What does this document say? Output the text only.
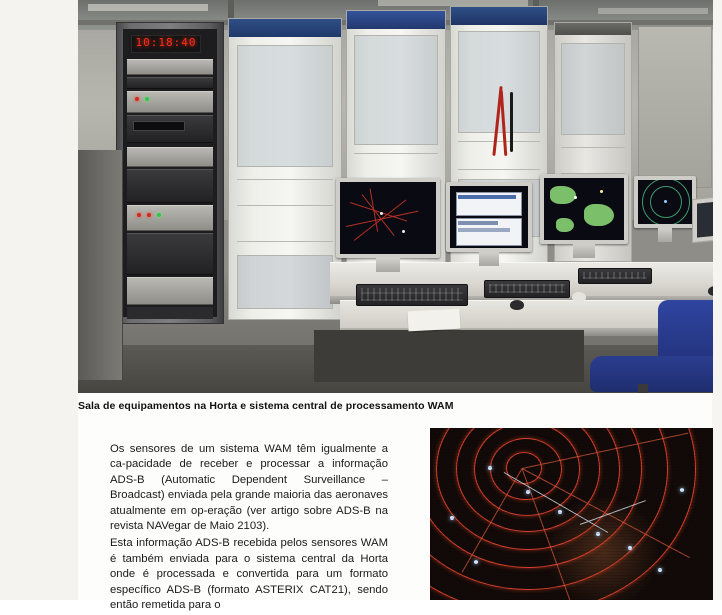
10:18:40
Sala de equipamentos na Horta e sistema central de processamento WAM

Os sensores de um sistema WAM têm igualmente a ca-pacidade de receber e processar a informação ADS-B (Automatic Dependent Surveillance – Broadcast) enviada pela grande maioria das aeronaves atualmente em op-eração (ver artigo sobre ADS-B na revista NAVegar de Maio 2103).

Esta informação ADS-B recebida pelos sensores WAM é também enviada para o sistema central da Horta onde é processada e convertida para um formato específico ADS-B (formato ASTERIX CAT21), sendo então remetida para o
